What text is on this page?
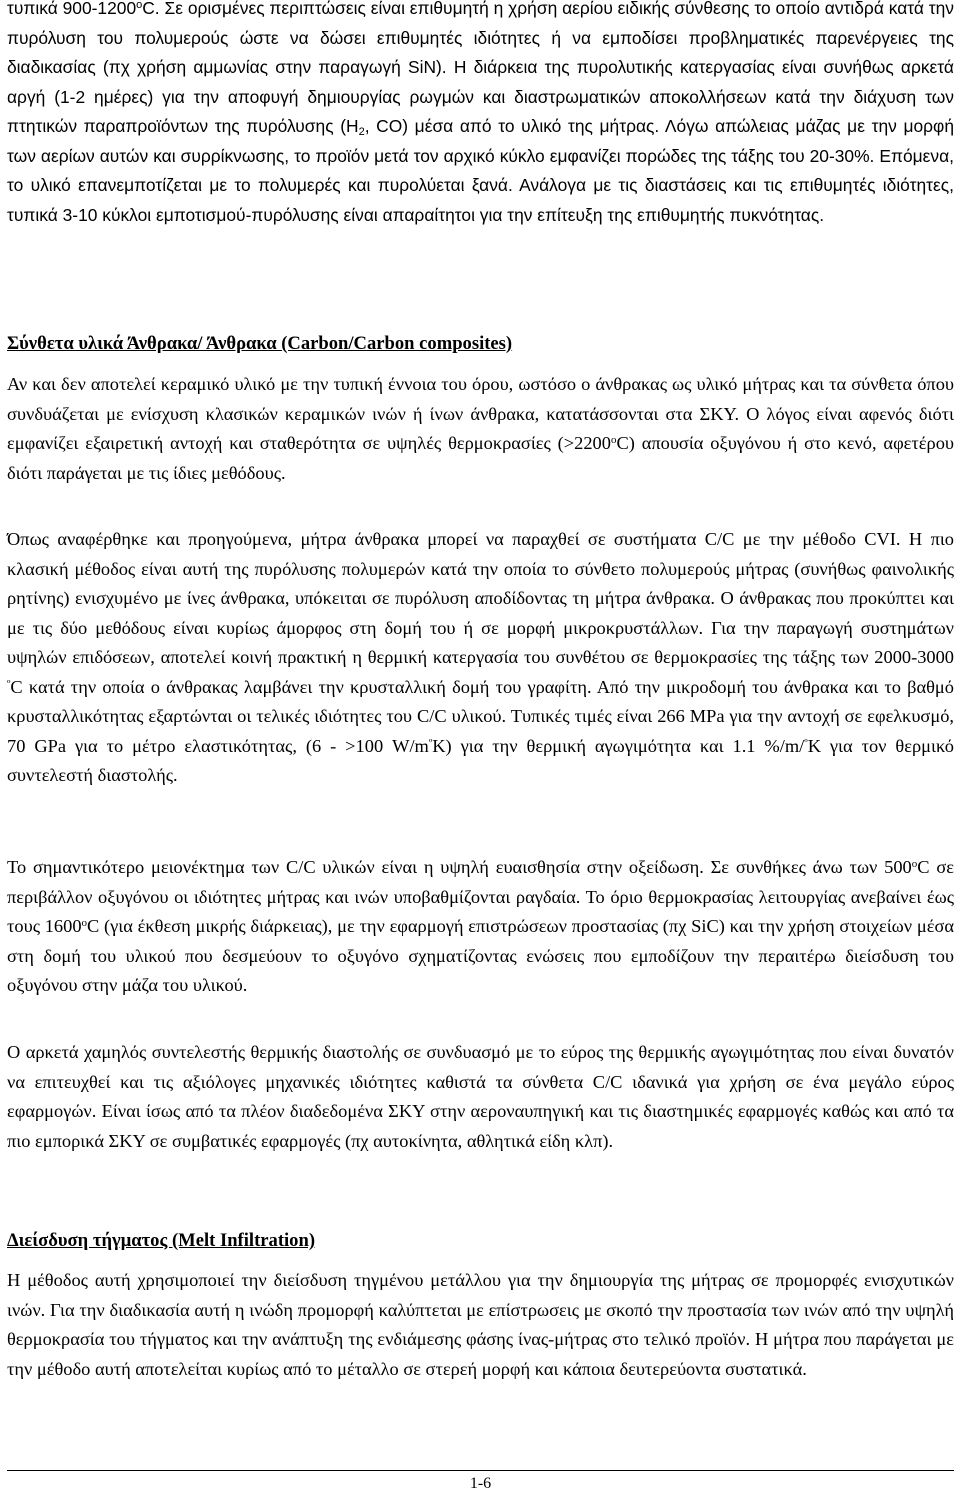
τυπικά $900-1200^oC$. Σε ορισμένες περιπτώσεις είναι επιθυμητή η χρήση αερίου ειδικής σύνθεσης το οποίο αντιδρά κατά την πυρόλυση του πολυμερούς ώστε να δώσει επιθυμητές ιδιότητες ή να εμποδίσει προβληματικές παρενέργειες της διαδικασίας (πχ χρήση αμμωνίας στην παραγωγή SiN). Η διάρκεια της πυρολυτικής κατεργασίας είναι συνήθως αρκετά αργή (1-2 ημέρες) για την αποφυγή δημιουργίας ρωγμών και διαστρωματικών αποκολλήσεων κατά την διάχυση των πτητικών παραπροϊόντων της πυρόλυσης ($H_2$, CO) μέσα από το υλικό της μήτρας. Λόγω απώλειας μάζας με την μορφή των αερίων αυτών και συρρίκνωσης, το προϊόν μετά τον αρχικό κύκλο εμφανίζει πορώδες της τάξης του 20-30%. Επόμενα, το υλικό επανεμποτίζεται με το πολυμερές και πυρολύεται ξανά. Ανάλογα με τις διαστάσεις και τις επιθυμητές ιδιότητες, τυπικά 3-10 κύκλοι εμποτισμού-πυρόλυσης είναι απαραίτητοι για την επίτευξη της επιθυμητής πυκνότητας.

Σύνθετα υλικά Άνθρακα/ Άνθρακα (Carbon/Carbon composites)

Αν και δεν αποτελεί κεραμικό υλικό με την τυπική έννοια του όρου, ωστόσο ο άνθρακας ως υλικό μήτρας και τα σύνθετα όπου συνδυάζεται με ενίσχυση κλασικών κεραμικών ινών ή ίνων άνθρακα, κατατάσσονται στα ΣΚΥ. Ο λόγος είναι αφενός διότι εμφανίζει εξαιρετική αντοχή και σταθερότητα σε υψηλές θερμοκρασίες $(>2200^oC)$ απουσία οξυγόνου ή στο κενό, αφετέρου διότι παράγεται με τις ίδιες μεθόδους.

Όπως αναφέρθηκε και προηγούμενα, μήτρα άνθρακα μπορεί να παραχθεί σε συστήματα C/C με την μέθοδο CVI. Η πιο κλασική μέθοδος είναι αυτή της πυρόλυσης πολυμερών κατά την οποία το σύνθετο πολυμερούς μήτρας (συνήθως φαινολικής ρητίνης) ενισχυμένο με ίνες άνθρακα, υπόκειται σε πυρόλυση αποδίδοντας τη μήτρα άνθρακα. Ο άνθρακας που προκύπτει και με τις δύο μεθόδους είναι κυρίως άμορφος στη δομή του ή σε μορφή μικροκρυστάλλων. Για την παραγωγή συστημάτων υψηλών επιδόσεων, αποτελεί κοινή πρακτική η θερμική κατεργασία του συνθέτου σε θερμοκρασίες της τάξης των 2000-3000 $^º$C κατά την οποία ο άνθρακας λαμβάνει την κρυσταλλική δομή του γραφίτη. Από την μικροδομή του άνθρακα και το βαθμό κρυσταλλικότητας εξαρτώνται οι τελικές ιδιότητες του C/C υλικού. Τυπικές τιμές είναι 266 MPa για την αντοχή σε εφελκυσμό, 70 GPa για το μέτρο ελαστικότητας, (6 - >100 $W/m^ºK$) για την θερμική αγωγιμότητα και 1.1 %/m/$^º$K για τον θερμικό συντελεστή διαστολής.

Το σημαντικότερο μειονέκτημα των C/C υλικών είναι η υψηλή ευαισθησία στην οξείδωση. Σε συνθήκες άνω των 500$^o$C σε περιβάλλον οξυγόνου οι ιδιότητες μήτρας και ινών υποβαθμίζονται ραγδαία. Το όριο θερμοκρασίας λειτουργίας ανεβαίνει έως τους 1600$^o$C (για έκθεση μικρής διάρκειας), με την εφαρμογή επιστρώσεων προστασίας (πχ SiC) και την χρήση στοιχείων μέσα στη δομή του υλικού που δεσμεύουν το οξυγόνο σχηματίζοντας ενώσεις που εμποδίζουν την περαιτέρω διείσδυση του οξυγόνου στην μάζα του υλικού.

Ο αρκετά χαμηλός συντελεστής θερμικής διαστολής σε συνδυασμό με το εύρος της θερμικής αγωγιμότητας που είναι δυνατόν να επιτευχθεί και τις αξιόλογες μηχανικές ιδιότητες καθιστά τα σύνθετα C/C ιδανικά για χρήση σε ένα μεγάλο εύρος εφαρμογών. Είναι ίσως από τα πλέον διαδεδομένα ΣΚΥ στην αεροναυπηγική και τις διαστημικές εφαρμογές καθώς και από τα πιο εμπορικά ΣΚΥ σε συμβατικές εφαρμογές (πχ αυτοκίνητα, αθλητικά είδη κλπ).

Διείσδυση τήγματος (Melt Infiltration)

Η μέθοδος αυτή χρησιμοποιεί την διείσδυση τηγμένου μετάλλου για την δημιουργία της μήτρας σε προμορφές ενισχυτικών ινών. Για την διαδικασία αυτή η ινώδη προμορφή καλύπτεται με επίστρωσεις με σκοπό την προστασία των ινών από την υψηλή θερμοκρασία του τήγματος και την ανάπτυξη της ενδιάμεσης φάσης ίνας-μήτρας στο τελικό προϊόν. Η μήτρα που παράγεται με την μέθοδο αυτή αποτελείται κυρίως από το μέταλλο σε στερεή μορφή και κάποια δευτερεύοντα συστατικά.

1-6
